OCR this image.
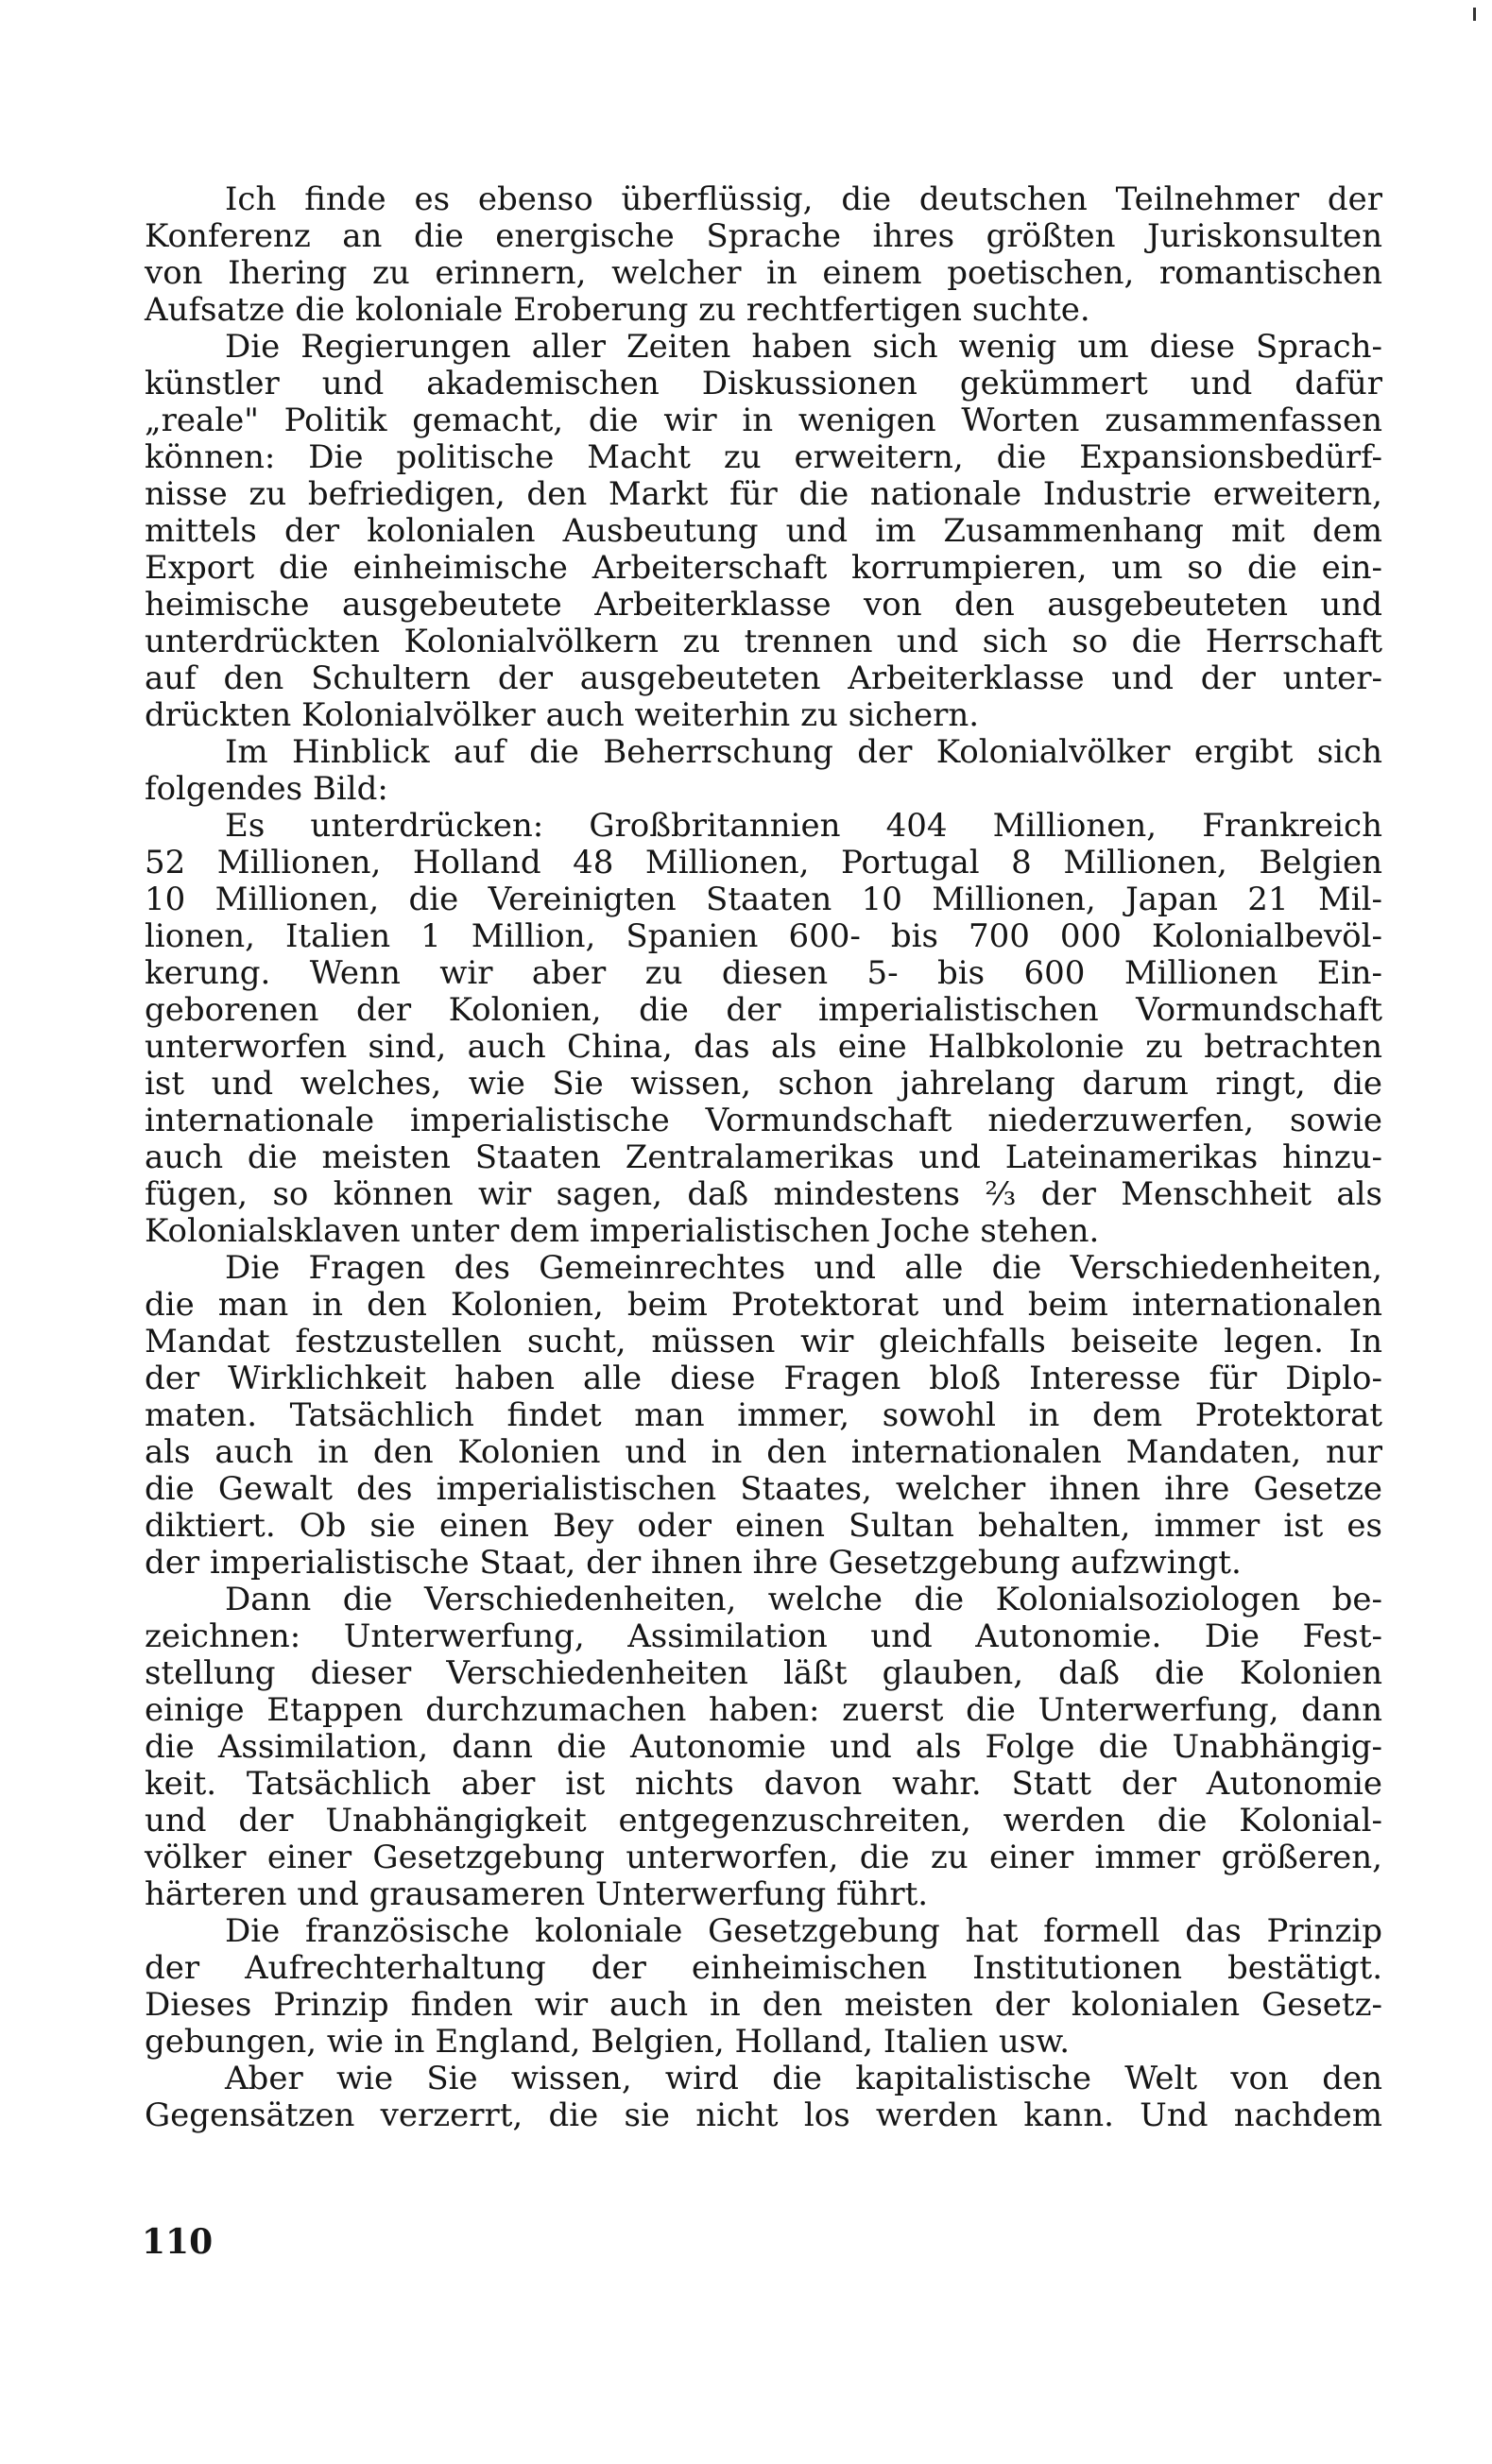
Ich finde es ebenso überflüssig, die deutschen Teilnehmer der
Konferenz an die energische Sprache ihres größten Juriskonsulten
von Ihering zu erinnern, welcher in einem poetischen, romantischen
Aufsatze die koloniale Eroberung zu rechtfertigen suchte.

Die Regierungen aller Zeiten haben sich wenig um diese Sprach-
künstler und akademischen Diskussionen gekümmert und dafür
„reale" Politik gemacht, die wir in wenigen Worten zusammenfassen
können: Die politische Macht zu erweitern, die Expansionsbedürf-
nisse zu befriedigen, den Markt für die nationale Industrie erweitern,
mittels der kolonialen Ausbeutung und im Zusammenhang mit dem
Export die einheimische Arbeiterschaft korrumpieren, um so die ein-
heimische ausgebeutete Arbeiterklasse von den ausgebeuteten und
unterdrückten Kolonialvölkern zu trennen und sich so die Herrschaft
auf den Schultern der ausgebeuteten Arbeiterklasse und der unter-
drückten Kolonialvölker auch weiterhin zu sichern.

Im Hinblick auf die Beherrschung der Kolonialvölker ergibt sich
folgendes Bild:

Es unterdrücken: Großbritannien 404 Millionen, Frankreich
52 Millionen, Holland 48 Millionen, Portugal 8 Millionen, Belgien
10 Millionen, die Vereinigten Staaten 10 Millionen, Japan 21 Mil-
lionen, Italien 1 Million, Spanien 600- bis 700 000 Kolonialbevöl-
kerung. Wenn wir aber zu diesen 5- bis 600 Millionen Ein-
geborenen der Kolonien, die der imperialistischen Vormundschaft
unterworfen sind, auch China, das als eine Halbkolonie zu betrachten
ist und welches, wie Sie wissen, schon jahrelang darum ringt, die
internationale imperialistische Vormundschaft niederzuwerfen, sowie
auch die meisten Staaten Zentralamerikas und Lateinamerikas hinzu-
fügen, so können wir sagen, daß mindestens ⅔ der Menschheit als
Kolonialsklaven unter dem imperialistischen Joche stehen.

Die Fragen des Gemeinrechtes und alle die Verschiedenheiten,
die man in den Kolonien, beim Protektorat und beim internationalen
Mandat festzustellen sucht, müssen wir gleichfalls beiseite legen. In
der Wirklichkeit haben alle diese Fragen bloß Interesse für Diplo-
maten. Tatsächlich findet man immer, sowohl in dem Protektorat
als auch in den Kolonien und in den internationalen Mandaten, nur
die Gewalt des imperialistischen Staates, welcher ihnen ihre Gesetze
diktiert. Ob sie einen Bey oder einen Sultan behalten, immer ist es
der imperialistische Staat, der ihnen ihre Gesetzgebung aufzwingt.

Dann die Verschiedenheiten, welche die Kolonialsoziologen be-
zeichnen: Unterwerfung, Assimilation und Autonomie. Die Fest-
stellung dieser Verschiedenheiten läßt glauben, daß die Kolonien
einige Etappen durchzumachen haben: zuerst die Unterwerfung, dann
die Assimilation, dann die Autonomie und als Folge die Unabhängig-
keit. Tatsächlich aber ist nichts davon wahr. Statt der Autonomie
und der Unabhängigkeit entgegenzuschreiten, werden die Kolonial-
völker einer Gesetzgebung unterworfen, die zu einer immer größeren,
härteren und grausameren Unterwerfung führt.

Die französische koloniale Gesetzgebung hat formell das Prinzip
der Aufrechterhaltung der einheimischen Institutionen bestätigt.
Dieses Prinzip finden wir auch in den meisten der kolonialen Gesetz-
gebungen, wie in England, Belgien, Holland, Italien usw.

Aber wie Sie wissen, wird die kapitalistische Welt von den
Gegensätzen verzerrt, die sie nicht los werden kann. Und nachdem

110
